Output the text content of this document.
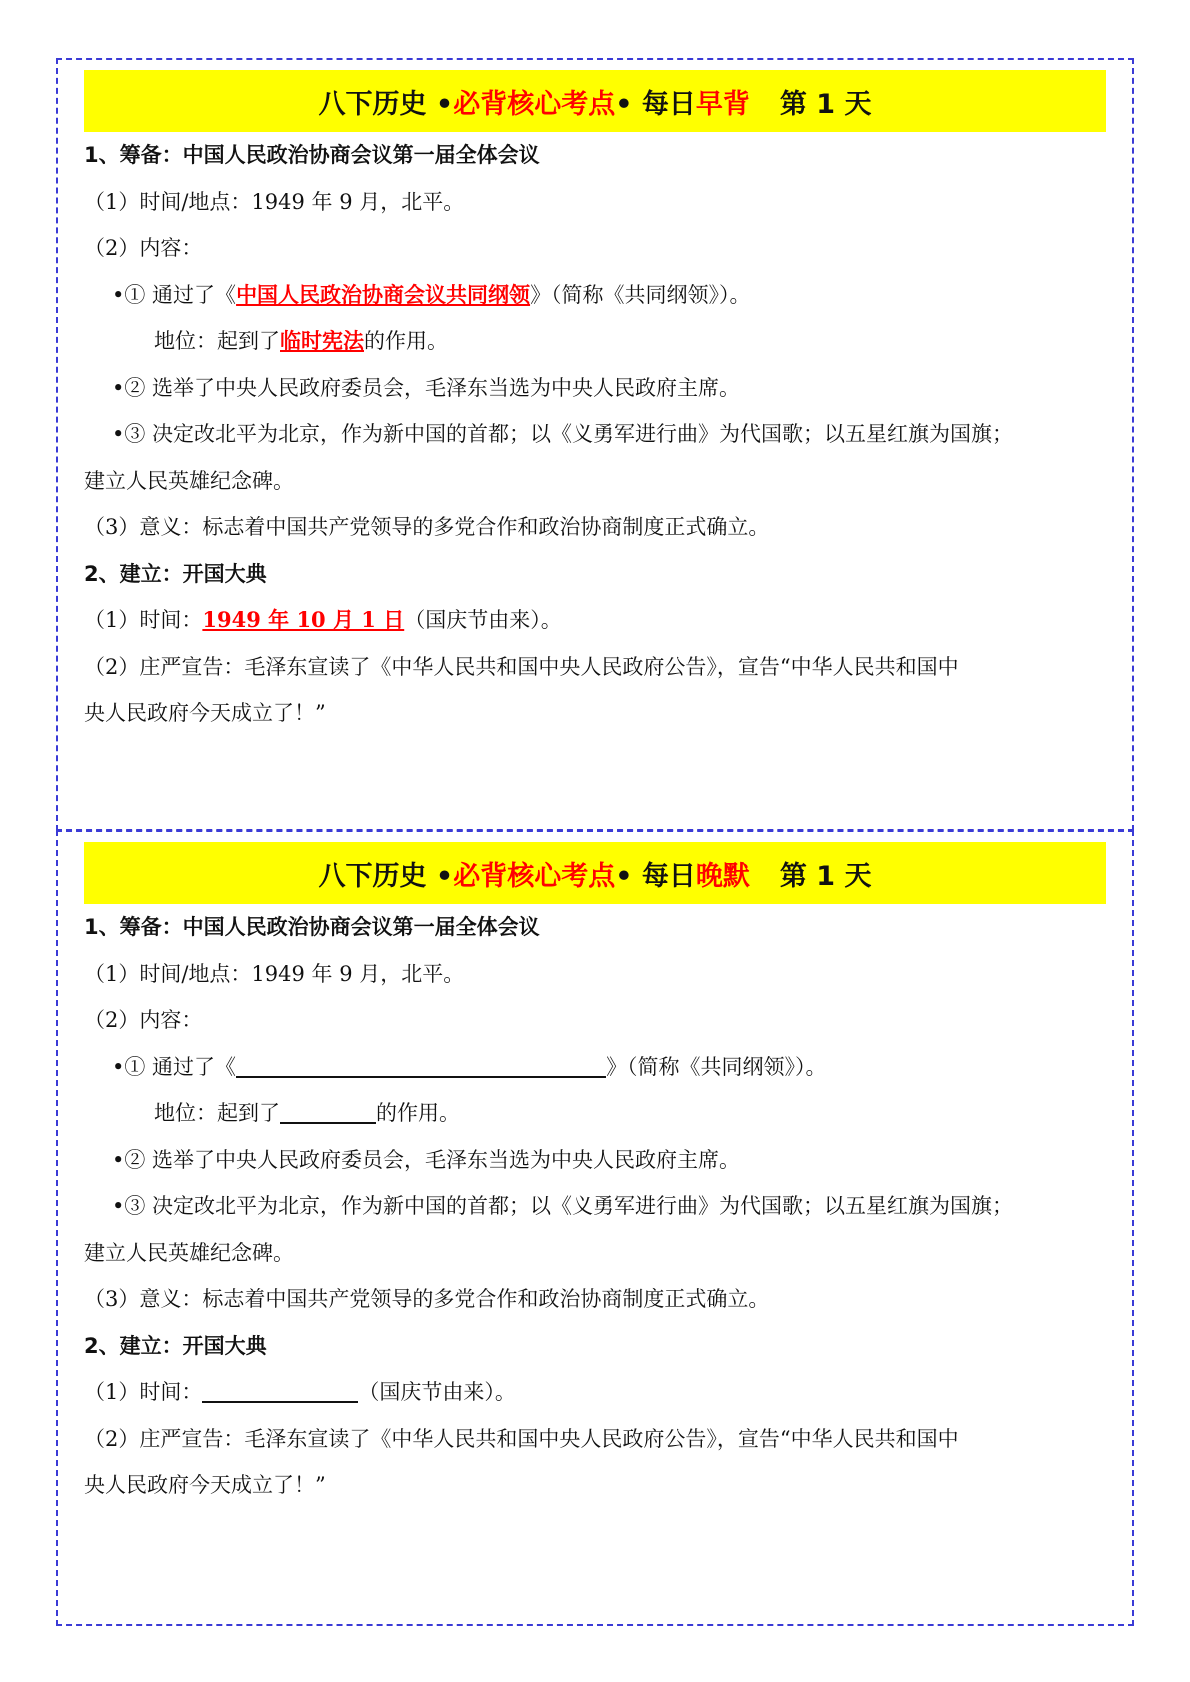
八下历史 • 必背核心考点 • 每日 早背 第 1 天
1、筹备：中国人民政治协商会议第一届全体会议
（1）时间/地点：1949 年 9 月，北平。
（2）内容：
•① 通过了《中国人民政治协商会议共同纲领》（简称《共同纲领》）。
地位：起到了临时宪法的作用。
•② 选举了中央人民政府委员会，毛泽东当选为中央人民政府主席。
•③ 决定改北平为北京，作为新中国的首都；以《义勇军进行曲》为代国歌；以五星红旗为国旗；
建立人民英雄纪念碑。
（3）意义：标志着中国共产党领导的多党合作和政治协商制度正式确立。
2、建立：开国大典
（1）时间：1949 年 10 月 1 日（国庆节由来）。
（2）庄严宣告：毛泽东宣读了《中华人民共和国中央人民政府公告》，宣告“中华人民共和国中
央人民政府今天成立了！”
八下历史 • 必背核心考点 • 每日 晚默 第 1 天
1、筹备：中国人民政治协商会议第一届全体会议
（1）时间/地点：1949 年 9 月，北平。
（2）内容：
•① 通过了《	》（简称《共同纲领》）。
地位：起到了	的作用。
•② 选举了中央人民政府委员会，毛泽东当选为中央人民政府主席。
•③ 决定改北平为北京，作为新中国的首都；以《义勇军进行曲》为代国歌；以五星红旗为国旗；
建立人民英雄纪念碑。
（3）意义：标志着中国共产党领导的多党合作和政治协商制度正式确立。
2、建立：开国大典
（1）时间：	（国庆节由来）。
（2）庄严宣告：毛泽东宣读了《中华人民共和国中央人民政府公告》，宣告“中华人民共和国中
央人民政府今天成立了！”
